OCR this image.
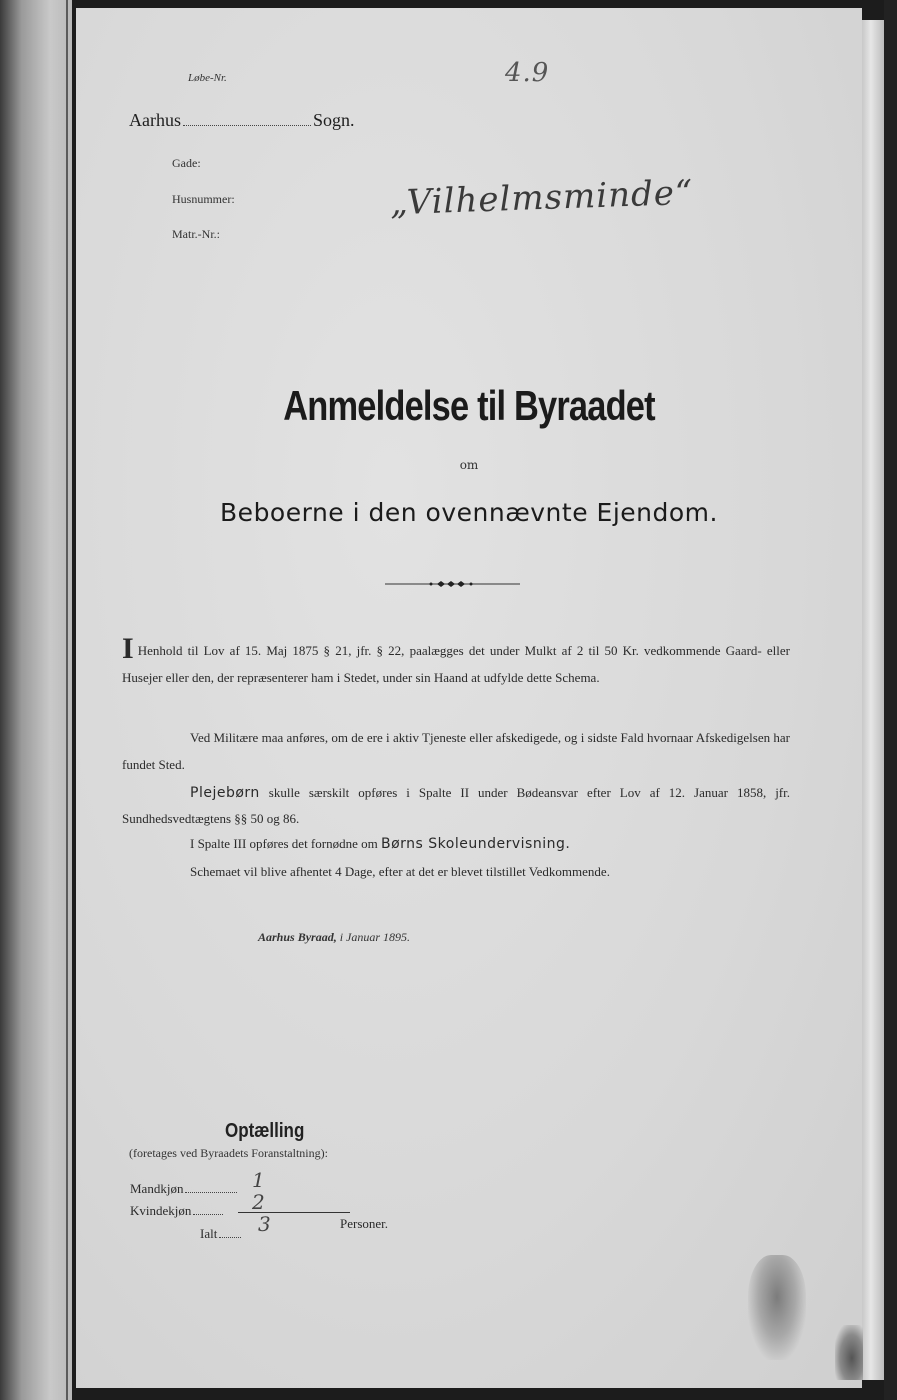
Løbe-Nr.	4.9
Aarhus	Sogn.
Gade:
Husnummer:
Matr.-Nr.:
„Vilhelmsminde“
Anmeldelse til Byraadet
om
Beboerne i den ovennævnte Ejendom.
I Henhold til Lov af 15. Maj 1875 § 21, jfr. § 22, paalægges det under Mulkt af 2 til 50 Kr. vedkommende Gaard- eller Husejer eller den, der repræsenterer ham i Stedet, under sin Haand at udfylde dette Schema.
Ved Militære maa anføres, om de ere i aktiv Tjeneste eller afskedigede, og i sidste Fald hvornaar Afskedigelsen har fundet Sted.
Plejebørn skulle særskilt opføres i Spalte II under Bødeansvar efter Lov af 12. Januar 1858, jfr. Sundhedsvedtægtens §§ 50 og 86.
I Spalte III opføres det fornødne om Børns Skoleundervisning.
Schemaet vil blive afhentet 4 Dage, efter at det er blevet tilstillet Vedkommende.
Aarhus Byraad, i Januar 1895.
Optælling
(foretages ved Byraadets Foranstaltning):
Mandkjøn	1
Kvindekjøn	2
Ialt	3	Personer.
